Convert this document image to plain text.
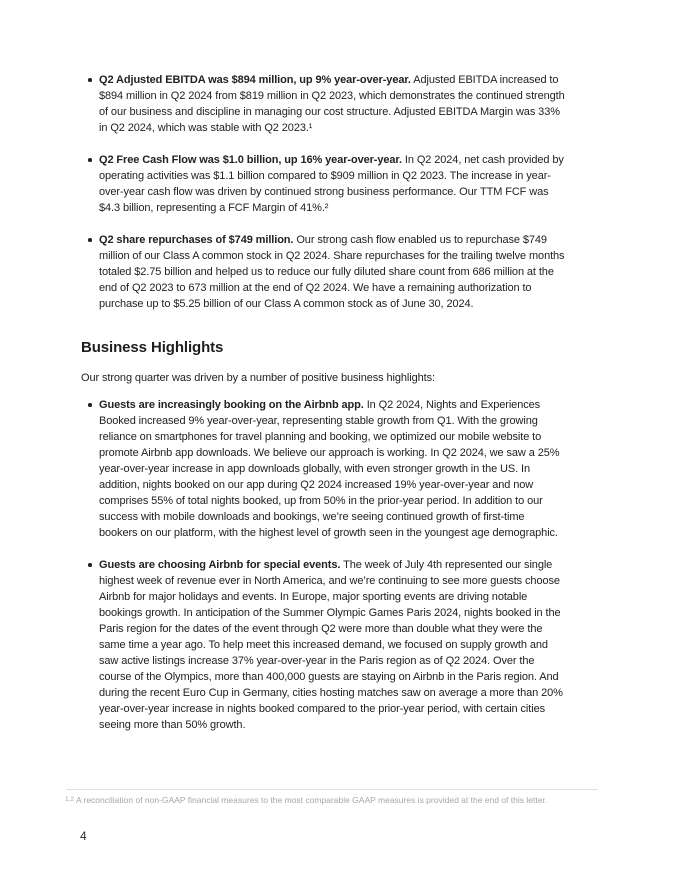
Q2 Adjusted EBITDA was $894 million, up 9% year-over-year. Adjusted EBITDA increased to $894 million in Q2 2024 from $819 million in Q2 2023, which demonstrates the continued strength of our business and discipline in managing our cost structure. Adjusted EBITDA Margin was 33% in Q2 2024, which was stable with Q2 2023.¹
Q2 Free Cash Flow was $1.0 billion, up 16% year-over-year. In Q2 2024, net cash provided by operating activities was $1.1 billion compared to $909 million in Q2 2023. The increase in year-over-year cash flow was driven by continued strong business performance. Our TTM FCF was $4.3 billion, representing a FCF Margin of 41%.²
Q2 share repurchases of $749 million. Our strong cash flow enabled us to repurchase $749 million of our Class A common stock in Q2 2024. Share repurchases for the trailing twelve months totaled $2.75 billion and helped us to reduce our fully diluted share count from 686 million at the end of Q2 2023 to 673 million at the end of Q2 2024. We have a remaining authorization to purchase up to $5.25 billion of our Class A common stock as of June 30, 2024.
Business Highlights

Our strong quarter was driven by a number of positive business highlights:

Guests are increasingly booking on the Airbnb app. In Q2 2024, Nights and Experiences Booked increased 9% year-over-year, representing stable growth from Q1. With the growing reliance on smartphones for travel planning and booking, we optimized our mobile website to promote Airbnb app downloads. We believe our approach is working. In Q2 2024, we saw a 25% year-over-year increase in app downloads globally, with even stronger growth in the US. In addition, nights booked on our app during Q2 2024 increased 19% year-over-year and now comprises 55% of total nights booked, up from 50% in the prior-year period. In addition to our success with mobile downloads and bookings, we’re seeing continued growth of first-time bookers on our platform, with the highest level of growth seen in the youngest age demographic.
Guests are choosing Airbnb for special events. The week of July 4th represented our single highest week of revenue ever in North America, and we’re continuing to see more guests choose Airbnb for major holidays and events. In Europe, major sporting events are driving notable bookings growth. In anticipation of the Summer Olympic Games Paris 2024, nights booked in the Paris region for the dates of the event through Q2 were more than double what they were the same time a year ago. To help meet this increased demand, we focused on supply growth and saw active listings increase 37% year-over-year in the Paris region as of Q2 2024. Over the course of the Olympics, more than 400,000 guests are staying on Airbnb in the Paris region. And during the recent Euro Cup in Germany, cities hosting matches saw on average a more than 20% year-over-year increase in nights booked compared to the prior-year period, with certain cities seeing more than 50% growth.

$^{1,2}$ A reconciliation of non-GAAP financial measures to the most comparable GAAP measures is provided at the end of this letter.

4
